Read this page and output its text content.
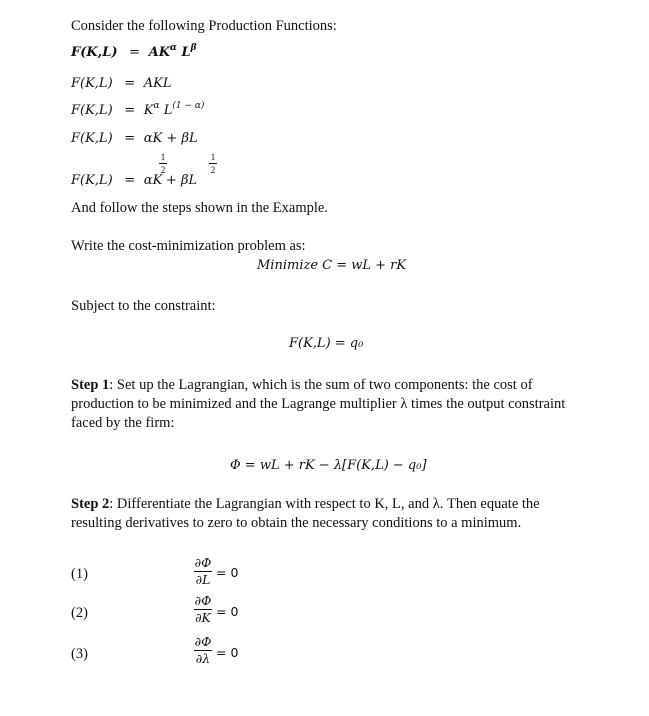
Consider the following Production Functions:
$F(K,L) = AK^\alpha$ $L^\beta$
F(K,L) = AKL
$F(K,L) = K^\alpha$ $L^{(1 - \alpha)}$
F(K,L) = αK + βL
F(K,L) = αK + βL
1
2
1
2
And follow the steps shown in the Example.
Write the cost-minimization problem as:
Minimize C = wL + rK
Subject to the constraint:
F(K,L) = q₀
Step 1: Set up the Lagrangian, which is the sum of two components: the cost of production to be minimized and the Lagrange multiplier λ times the output constraint faced by the firm:
Φ = wL + rK − λ[F(K,L) − q₀]
Step 2: Differentiate the Lagrangian with respect to K, L, and λ. Then equate the resulting derivatives to zero to obtain the necessary conditions to a minimum.
(1)
∂Φ
∂L = 0
(2)
∂Φ
∂K = 0
(3)
∂Φ
∂λ = 0
